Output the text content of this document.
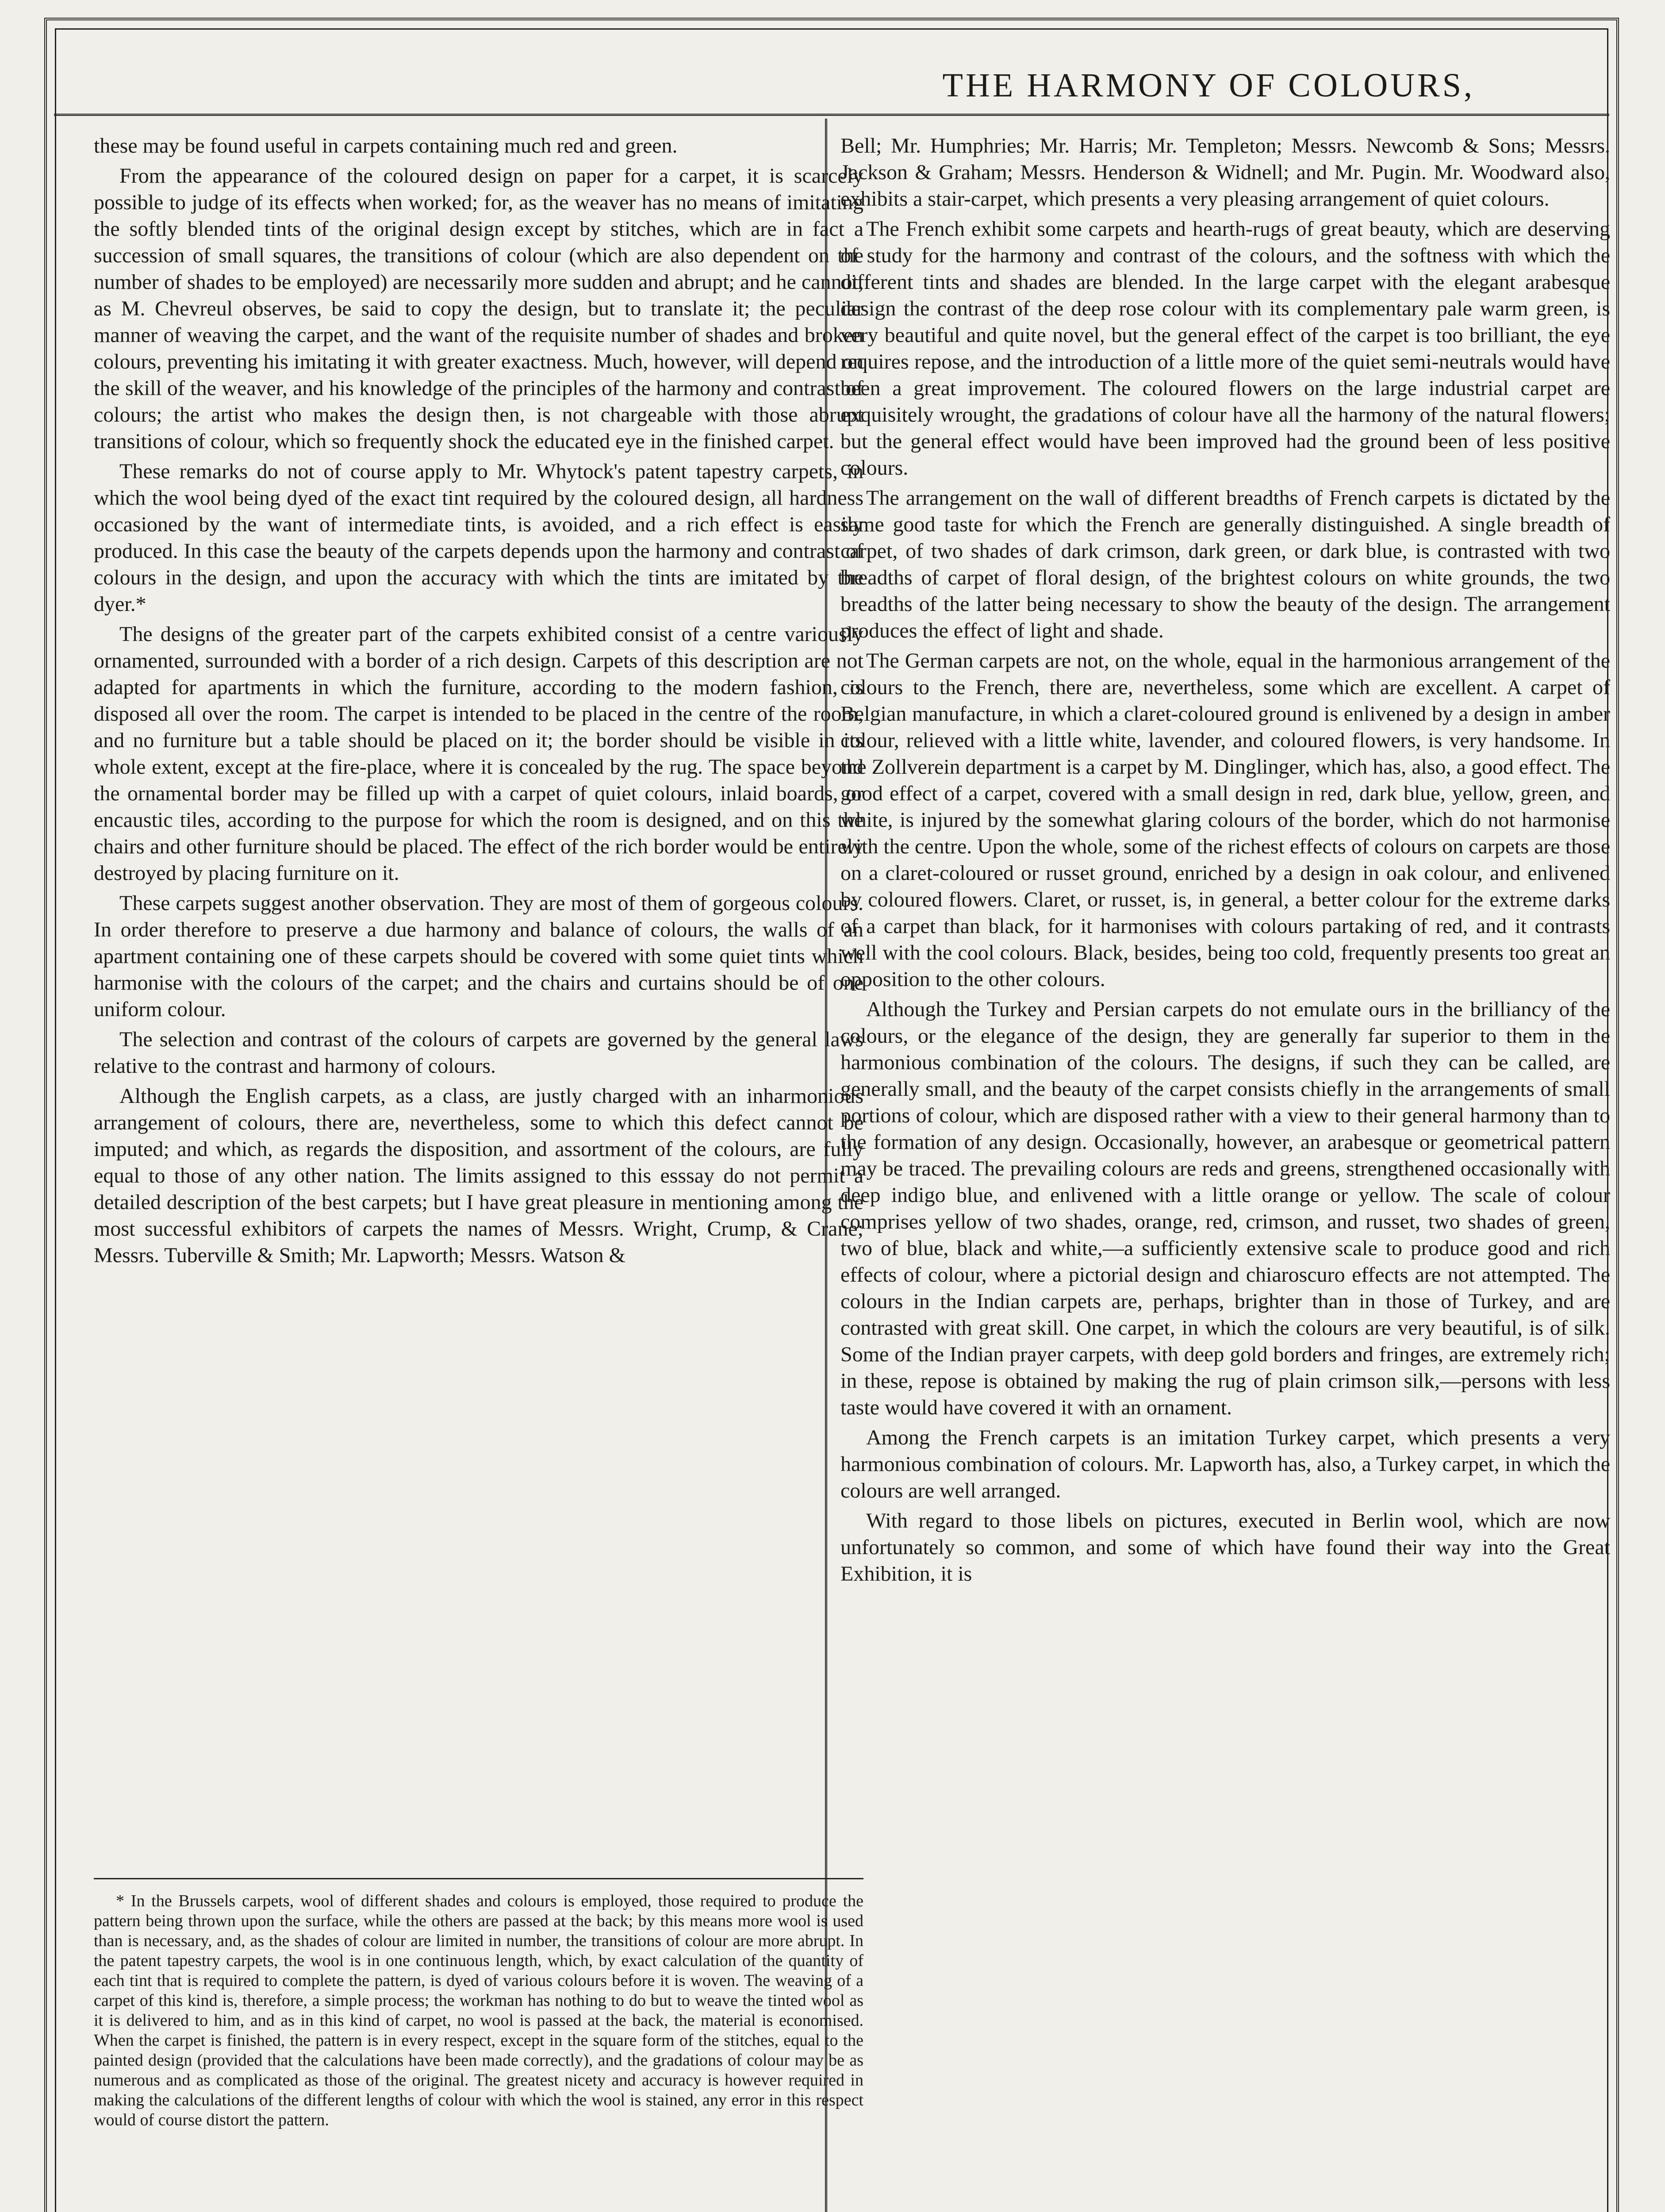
THE HARMONY OF COLOURS,

these may be found useful in carpets containing much red and green.

From the appearance of the coloured design on paper for a carpet, it is scarcely possible to judge of its effects when worked; for, as the weaver has no means of imitating the softly blended tints of the original design except by stitches, which are in fact a succession of small squares, the transitions of colour (which are also dependent on the number of shades to be employed) are necessarily more sudden and abrupt; and he cannot, as M. Chevreul observes, be said to copy the design, but to translate it; the peculiar manner of weaving the carpet, and the want of the requisite number of shades and broken colours, preventing his imitating it with greater exactness. Much, however, will depend on the skill of the weaver, and his knowledge of the principles of the harmony and contrast of colours; the artist who makes the design then, is not chargeable with those abrupt transitions of colour, which so frequently shock the educated eye in the finished carpet.

These remarks do not of course apply to Mr. Whytock's patent tapestry carpets, in which the wool being dyed of the exact tint required by the coloured design, all hardness occasioned by the want of intermediate tints, is avoided, and a rich effect is easily produced. In this case the beauty of the carpets depends upon the harmony and contrast of colours in the design, and upon the accuracy with which the tints are imitated by the dyer.*

The designs of the greater part of the carpets exhibited consist of a centre variously ornamented, surrounded with a border of a rich design. Carpets of this description are not adapted for apartments in which the furniture, according to the modern fashion, is disposed all over the room. The carpet is intended to be placed in the centre of the room, and no furniture but a table should be placed on it; the border should be visible in its whole extent, except at the fire-place, where it is concealed by the rug. The space beyond the ornamental border may be filled up with a carpet of quiet colours, inlaid boards, or encaustic tiles, according to the purpose for which the room is designed, and on this the chairs and other furniture should be placed. The effect of the rich border would be entirely destroyed by placing furniture on it.

These carpets suggest another observation. They are most of them of gorgeous colours. In order therefore to preserve a due harmony and balance of colours, the walls of an apartment containing one of these carpets should be covered with some quiet tints which harmonise with the colours of the carpet; and the chairs and curtains should be of one uniform colour.

The selection and contrast of the colours of carpets are governed by the general laws relative to the contrast and harmony of colours.

Although the English carpets, as a class, are justly charged with an inharmonious arrangement of colours, there are, nevertheless, some to which this defect cannot be imputed; and which, as regards the disposition, and assortment of the colours, are fully equal to those of any other nation. The limits assigned to this esssay do not permit a detailed description of the best carpets; but I have great pleasure in mentioning among the most successful exhibitors of carpets the names of Messrs. Wright, Crump, & Crane; Messrs. Tuberville & Smith; Mr. Lapworth; Messrs. Watson &

* In the Brussels carpets, wool of different shades and colours is employed, those required to produce the pattern being thrown upon the surface, while the others are passed at the back; by this means more wool is used than is necessary, and, as the shades of colour are limited in number, the transitions of colour are more abrupt. In the patent tapestry carpets, the wool is in one continuous length, which, by exact calculation of the quantity of each tint that is required to complete the pattern, is dyed of various colours before it is woven. The weaving of a carpet of this kind is, therefore, a simple process; the workman has nothing to do but to weave the tinted wool as it is delivered to him, and as in this kind of carpet, no wool is passed at the back, the material is economised. When the carpet is finished, the pattern is in every respect, except in the square form of the stitches, equal to the painted design (provided that the calculations have been made correctly), and the gradations of colour may be as numerous and as complicated as those of the original. The greatest nicety and accuracy is however required in making the calculations of the different lengths of colour with which the wool is stained, any error in this respect would of course distort the pattern.

Bell; Mr. Humphries; Mr. Harris; Mr. Templeton; Messrs. Newcomb & Sons; Messrs. Jackson & Graham; Messrs. Henderson & Widnell; and Mr. Pugin. Mr. Woodward also, exhibits a stair-carpet, which presents a very pleasing arrangement of quiet colours.

The French exhibit some carpets and hearth-rugs of great beauty, which are deserving of study for the harmony and contrast of the colours, and the softness with which the different tints and shades are blended. In the large carpet with the elegant arabesque design the contrast of the deep rose colour with its complementary pale warm green, is very beautiful and quite novel, but the general effect of the carpet is too brilliant, the eye requires repose, and the introduction of a little more of the quiet semi-neutrals would have been a great improvement. The coloured flowers on the large industrial carpet are exquisitely wrought, the gradations of colour have all the harmony of the natural flowers; but the general effect would have been improved had the ground been of less positive colours.

The arrangement on the wall of different breadths of French carpets is dictated by the same good taste for which the French are generally distinguished. A single breadth of carpet, of two shades of dark crimson, dark green, or dark blue, is contrasted with two breadths of carpet of floral design, of the brightest colours on white grounds, the two breadths of the latter being necessary to show the beauty of the design. The arrangement produces the effect of light and shade.

The German carpets are not, on the whole, equal in the harmonious arrangement of the colours to the French, there are, nevertheless, some which are excellent. A carpet of Belgian manufacture, in which a claret-coloured ground is enlivened by a design in amber colour, relieved with a little white, lavender, and coloured flowers, is very handsome. In the Zollverein department is a carpet by M. Dinglinger, which has, also, a good effect. The good effect of a carpet, covered with a small design in red, dark blue, yellow, green, and white, is injured by the somewhat glaring colours of the border, which do not harmonise with the centre. Upon the whole, some of the richest effects of colours on carpets are those on a claret-coloured or russet ground, enriched by a design in oak colour, and enlivened by coloured flowers. Claret, or russet, is, in general, a better colour for the extreme darks of a carpet than black, for it harmonises with colours partaking of red, and it contrasts well with the cool colours. Black, besides, being too cold, frequently presents too great an opposition to the other colours.

Although the Turkey and Persian carpets do not emulate ours in the brilliancy of the colours, or the elegance of the design, they are generally far superior to them in the harmonious combination of the colours. The designs, if such they can be called, are generally small, and the beauty of the carpet consists chiefly in the arrangements of small portions of colour, which are disposed rather with a view to their general harmony than to the formation of any design. Occasionally, however, an arabesque or geometrical pattern may be traced. The prevailing colours are reds and greens, strengthened occasionally with deep indigo blue, and enlivened with a little orange or yellow. The scale of colour comprises yellow of two shades, orange, red, crimson, and russet, two shades of green, two of blue, black and white,—a sufficiently extensive scale to produce good and rich effects of colour, where a pictorial design and chiaroscuro effects are not attempted. The colours in the Indian carpets are, perhaps, brighter than in those of Turkey, and are contrasted with great skill. One carpet, in which the colours are very beautiful, is of silk. Some of the Indian prayer carpets, with deep gold borders and fringes, are extremely rich; in these, repose is obtained by making the rug of plain crimson silk,—persons with less taste would have covered it with an ornament.

Among the French carpets is an imitation Turkey carpet, which presents a very harmonious combination of colours. Mr. Lapworth has, also, a Turkey carpet, in which the colours are well arranged.

With regard to those libels on pictures, executed in Berlin wool, which are now unfortunately so common, and some of which have found their way into the Great Exhibition, it is
